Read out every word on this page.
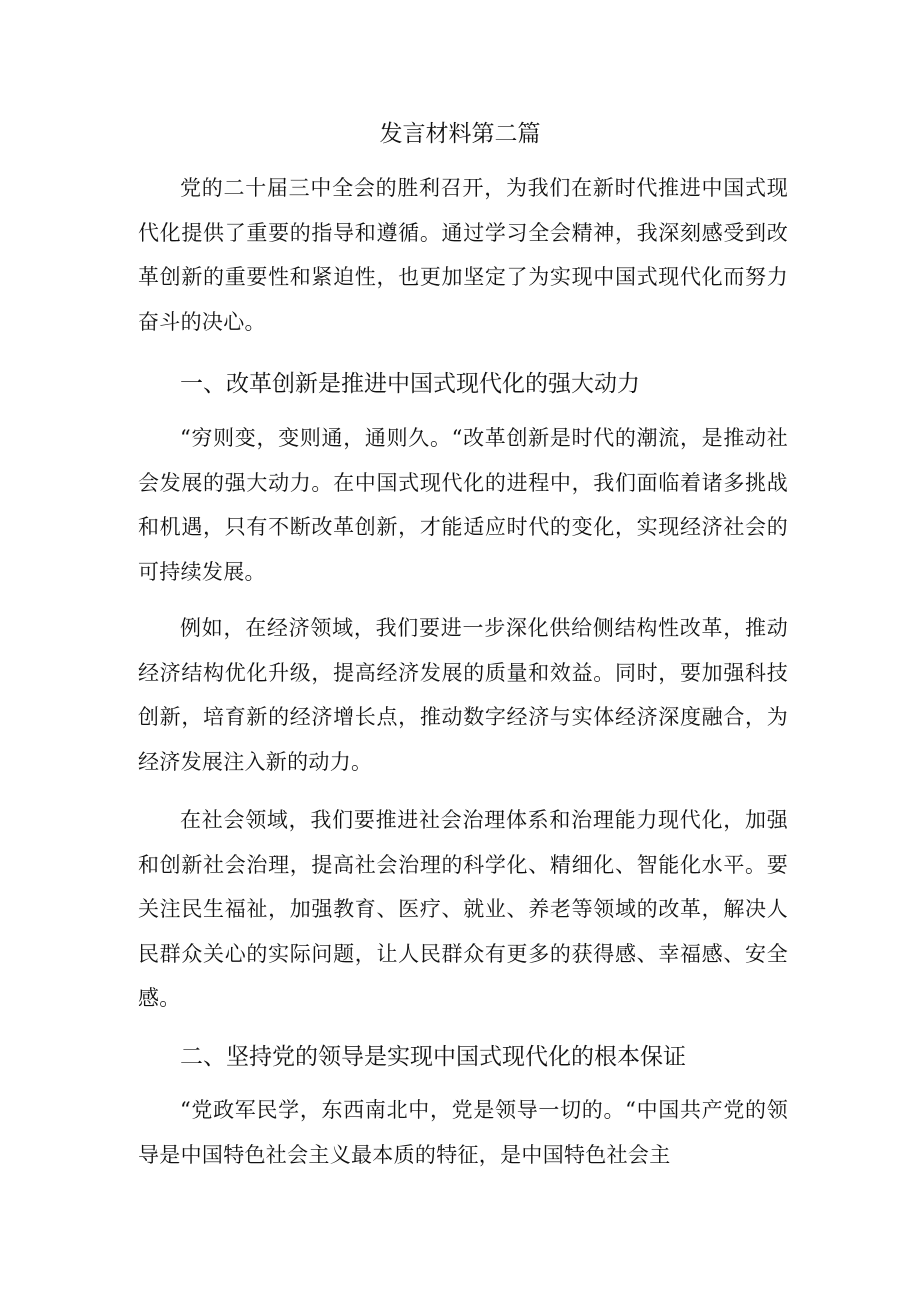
发言材料第二篇

党的二十届三中全会的胜利召开，为我们在新时代推进中国式现代化提供了重要的指导和遵循。通过学习全会精神，我深刻感受到改革创新的重要性和紧迫性，也更加坚定了为实现中国式现代化而努力奋斗的决心。

一、改革创新是推进中国式现代化的强大动力

“穷则变，变则通，通则久。“改革创新是时代的潮流，是推动社会发展的强大动力。在中国式现代化的进程中，我们面临着诸多挑战和机遇，只有不断改革创新，才能适应时代的变化，实现经济社会的可持续发展。

例如，在经济领域，我们要进一步深化供给侧结构性改革，推动经济结构优化升级，提高经济发展的质量和效益。同时，要加强科技创新，培育新的经济增长点，推动数字经济与实体经济深度融合，为经济发展注入新的动力。

在社会领域，我们要推进社会治理体系和治理能力现代化，加强和创新社会治理，提高社会治理的科学化、精细化、智能化水平。要关注民生福祉，加强教育、医疗、就业、养老等领域的改革，解决人民群众关心的实际问题，让人民群众有更多的获得感、幸福感、安全感。

二、坚持党的领导是实现中国式现代化的根本保证

“党政军民学，东西南北中，党是领导一切的。“中国共产党的领导是中国特色社会主义最本质的特征，是中国特色社会主
